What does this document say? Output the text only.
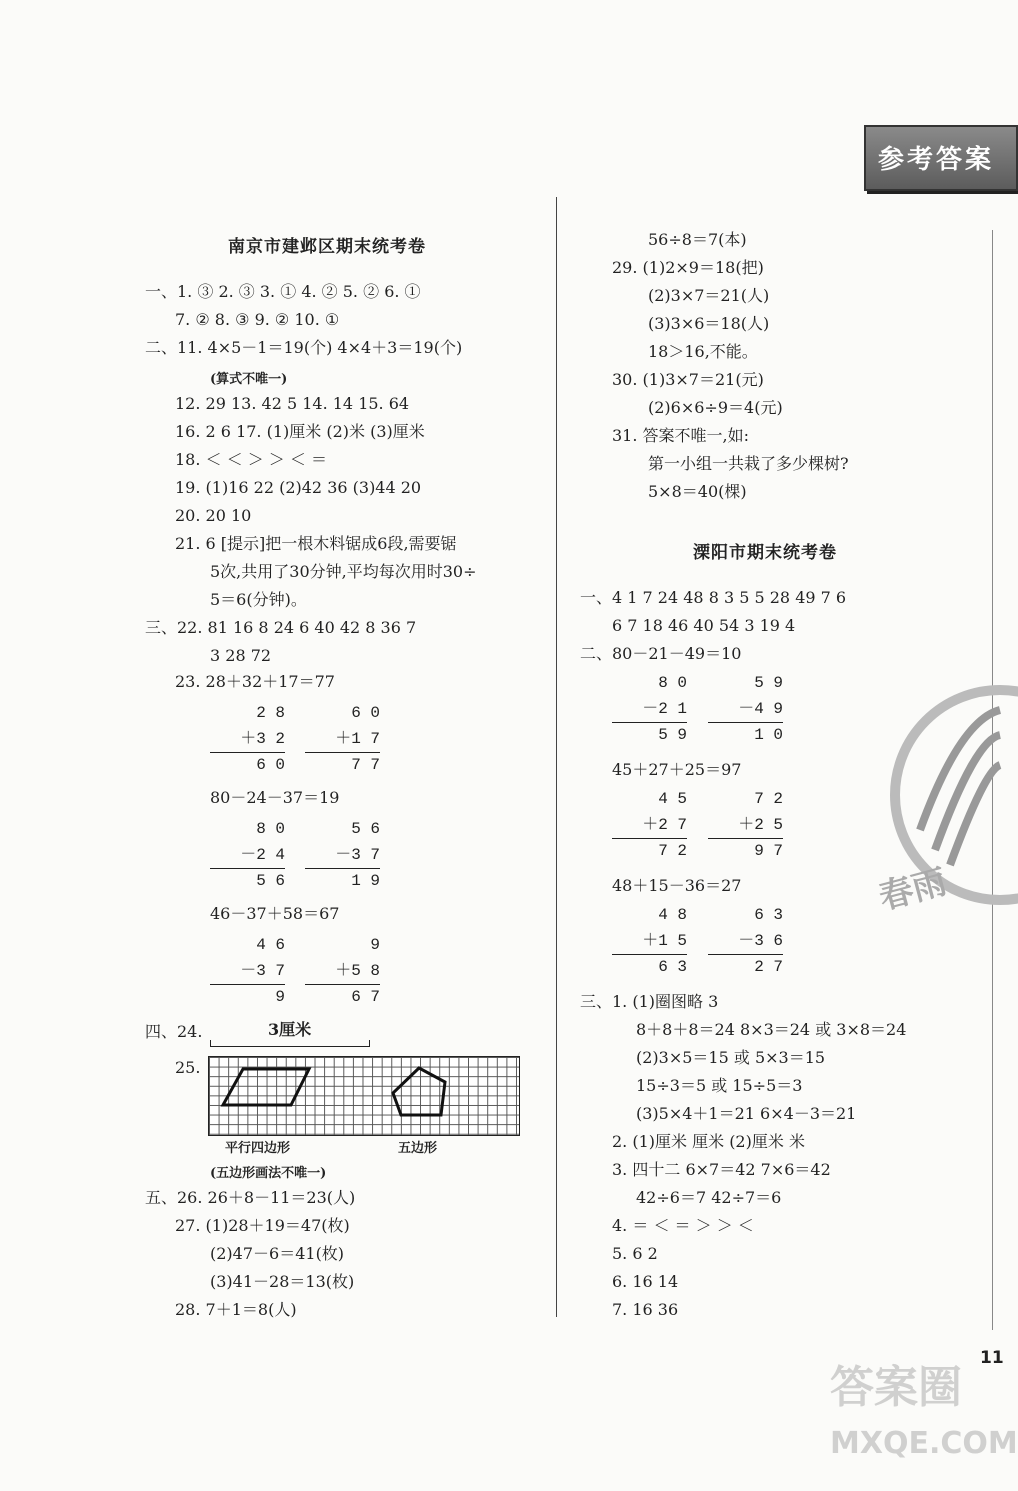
参考答案
南京市建邺区期末统考卷
一、1. ③ 2. ③ 3. ① 4. ② 5. ② 6. ①
7. ② 8. ③ 9. ② 10. ①
二、11. 4×5－1＝19(个) 4×4＋3＝19(个)
(算式不唯一)
12. 29 13. 42 5 14. 14 15. 64
16. 2 6 17. (1)厘米 (2)米 (3)厘米
18. ＜ ＜ ＞ ＞ ＜ ＝
19. (1)16 22 (2)42 36 (3)44 20
20. 20 10
21. 6 [提示]把一根木料锯成6段,需要锯
5次,共用了30分钟,平均每次用时30÷
5＝6(分钟)。
三、22. 81 16 8 24 6 40 42 8 36 7
3 28 72
23. 28＋32＋17＝77
2 8
＋3 2
6 0
6 0
＋1 7
7 7
80－24－37＝19
8 0
－2 4
5 6
5 6
－3 7
1 9
46－37＋58＝67
4 6
－3 7
9
9
＋5 8
6 7
四、24.	3厘米
25.
平行四边形	五边形
(五边形画法不唯一)
五、26. 26＋8－11＝23(人)
27. (1)28＋19＝47(枚)
(2)47－6＝41(枚)
(3)41－28＝13(枚)
28. 7＋1＝8(人)
56÷8＝7(本)
29. (1)2×9＝18(把)
(2)3×7＝21(人)
(3)3×6＝18(人)
18＞16,不能。
30. (1)3×7＝21(元)
(2)6×6÷9＝4(元)
31. 答案不唯一,如:
第一小组一共栽了多少棵树?
5×8＝40(棵)
溧阳市期末统考卷
一、4 1 7 24 48 8 3 5 5 28 49 7 6
6 7 18 46 40 54 3 19 4
二、80－21－49＝10
8 0
－2 1
5 9
5 9
－4 9
1 0
45＋27＋25＝97
4 5
＋2 7
7 2
7 2
＋2 5
9 7
48＋15－36＝27
4 8
＋1 5
6 3
6 3
－3 6
2 7
三、1. (1)圈图略 3
8＋8＋8＝24 8×3＝24 或 3×8＝24
(2)3×5＝15 或 5×3＝15
15÷3＝5 或 15÷5＝3
(3)5×4＋1＝21 6×4－3＝21
2. (1)厘米 厘米 (2)厘米 米
3. 四十二 6×7＝42 7×6＝42
42÷6＝7 42÷7＝6
4. ＝ ＜ ＝ ＞ ＞ ＜
5. 6 2
6. 16 14
7. 16 36
春雨
11
答案圈
MXQE.COM
